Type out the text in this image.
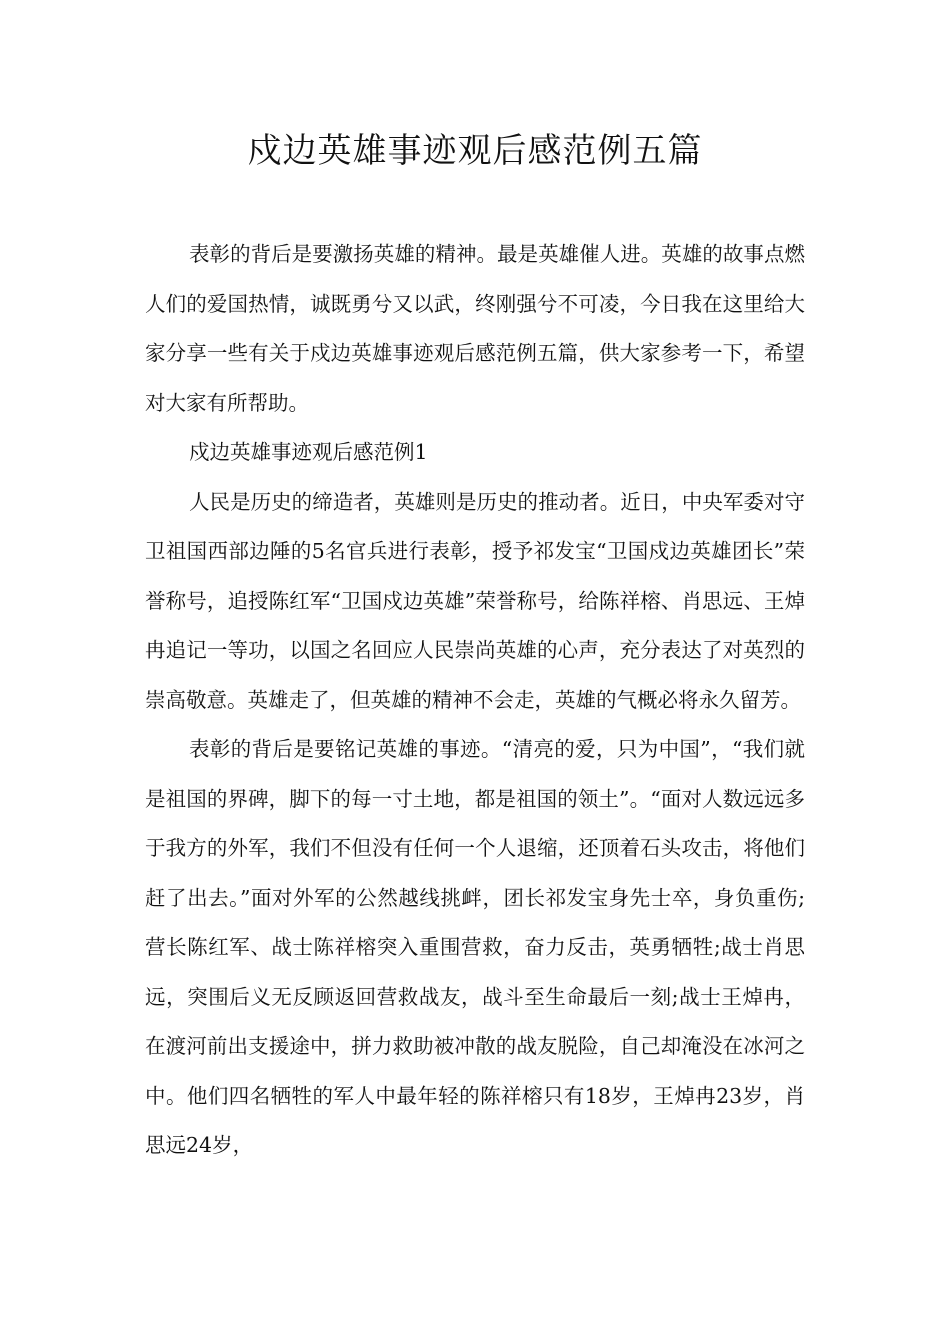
戍边英雄事迹观后感范例五篇

表彰的背后是要激扬英雄的精神。最是英雄催人进。英雄的故事点燃人们的爱国热情，诚既勇兮又以武，终刚强兮不可凌，今日我在这里给大家分享一些有关于戍边英雄事迹观后感范例五篇，供大家参考一下，希望对大家有所帮助。

戍边英雄事迹观后感范例1

人民是历史的缔造者，英雄则是历史的推动者。近日，中央军委对守卫祖国西部边陲的5名官兵进行表彰，授予祁发宝“卫国戍边英雄团长”荣誉称号，追授陈红军“卫国戍边英雄”荣誉称号，给陈祥榕、肖思远、王焯冉追记一等功，以国之名回应人民崇尚英雄的心声，充分表达了对英烈的崇高敬意。英雄走了，但英雄的精神不会走，英雄的气概必将永久留芳。

表彰的背后是要铭记英雄的事迹。“清亮的爱，只为中国”，“我们就是祖国的界碑，脚下的每一寸土地，都是祖国的领土”。“面对人数远远多于我方的外军，我们不但没有任何一个人退缩，还顶着石头攻击，将他们赶了出去。”面对外军的公然越线挑衅，团长祁发宝身先士卒，身负重伤;营长陈红军、战士陈祥榕突入重围营救，奋力反击，英勇牺牲;战士肖思远，突围后义无反顾返回营救战友，战斗至生命最后一刻;战士王焯冉，在渡河前出支援途中，拼力救助被冲散的战友脱险，自己却淹没在冰河之中。他们四名牺牲的军人中最年轻的陈祥榕只有18岁，王焯冉23岁，肖思远24岁，
